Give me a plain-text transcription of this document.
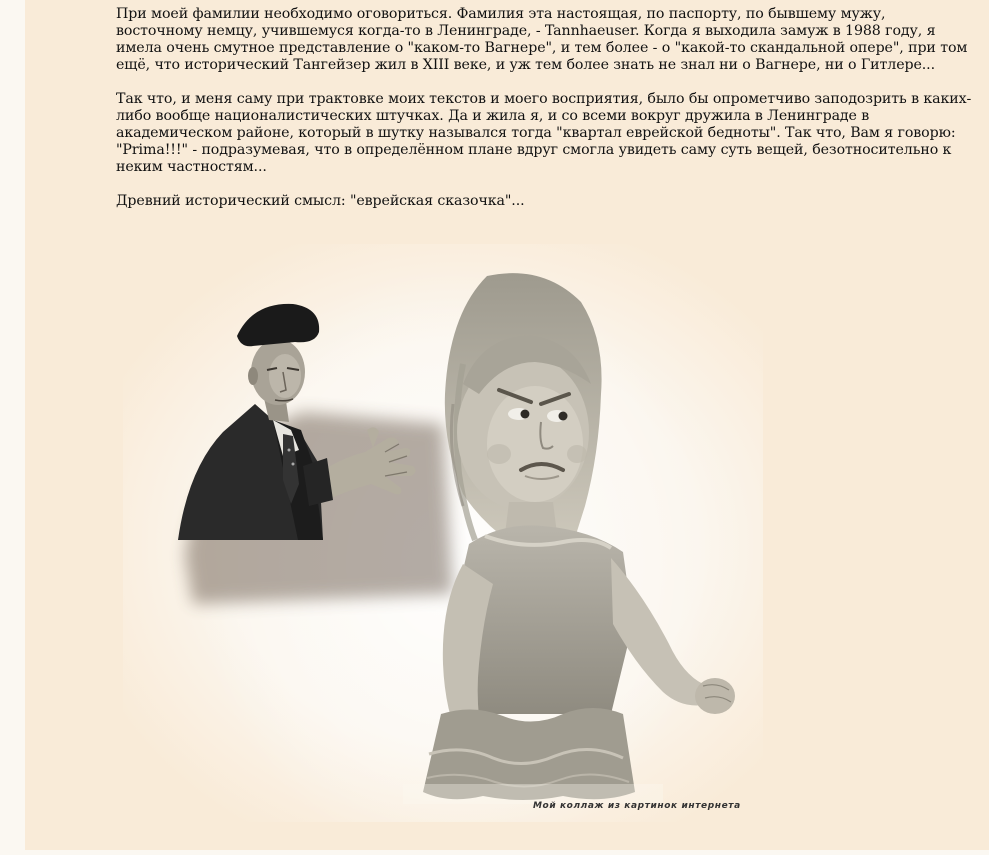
При моей фамилии необходимо оговориться. Фамилия эта настоящая, по паспорту, по бывшему мужу, восточному немцу, учившемуся когда-то в Ленинграде, - Tannhaeuser. Когда я выходила замуж в 1988 году, я имела очень смутное представление о "каком-то Вагнере", и тем более - о "какой-то скандальной опере", при том ещё, что исторический Тангейзер жил в XIII веке, и уж тем более знать не знал ни о Вагнере, ни о Гитлере...

Так что, и меня саму при трактовке моих текстов и моего восприятия, было бы опрометчиво заподозрить в каких-либо вообще националистических штучках. Да и жила я, и со всеми вокруг дружила в Ленинграде в академическом районе, который в шутку назывался тогда "квартал еврейской бедноты". Так что, Вам я говорю: "Prima!!!" - подразумевая, что в определённом плане вдруг смогла увидеть саму суть вещей, безотносительно к неким частностям...

Древний исторический смысл: "еврейская сказочка"...

Мой коллаж из картинок интернета
